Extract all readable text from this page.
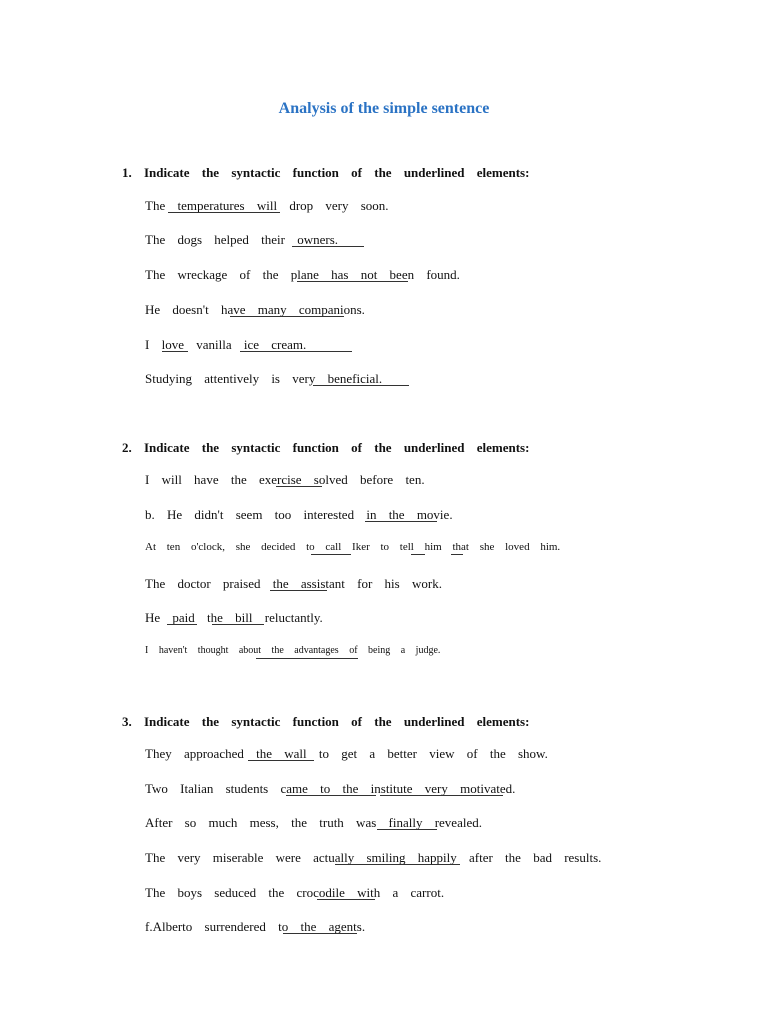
Analysis of the simple sentence
1. Indicate the syntactic function of the underlined elements:
The temperatures will drop very soon.
The dogs helped their owners.
The wreckage of the plane has not been found.
He doesn't have many companions.
I love vanilla ice cream.
Studying attentively is very beneficial.
2. Indicate the syntactic function of the underlined elements:
I will have the exercise solved before ten.
b. He didn't seem too interested in the movie.
At ten o'clock, she decided to call Iker to tell him that she loved him.
The doctor praised the assistant for his work.
He paid the bill reluctantly.
I haven't thought about the advantages of being a judge.
3. Indicate the syntactic function of the underlined elements:
They approached the wall to get a better view of the show.
Two Italian students came to the institute very motivated.
After so much mess, the truth was finally revealed.
The very miserable were actually smiling happily after the bad results.
The boys seduced the crocodile with a carrot.
f.Alberto surrendered to the agents.
